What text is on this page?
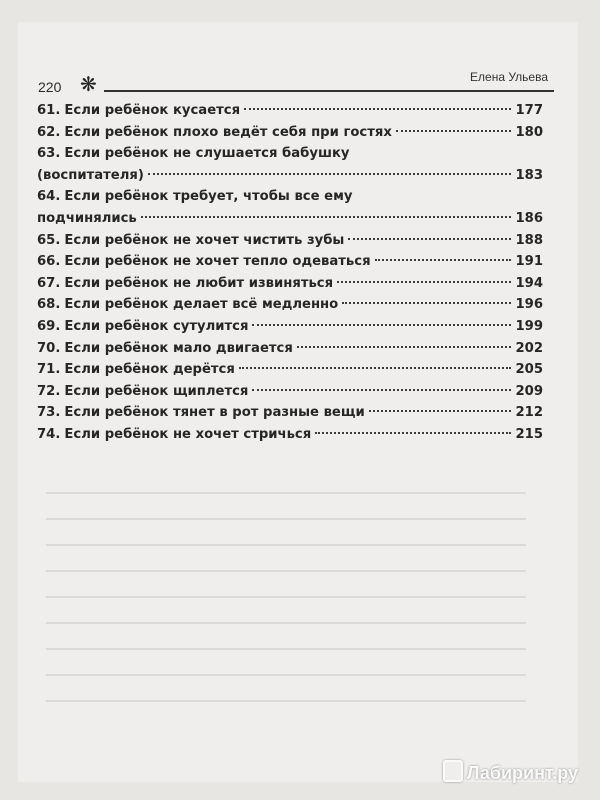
220 ❋	Елена Ульева
61. Если ребёнок кусается	177
62. Если ребёнок плохо ведёт себя при гостях	180
63. Если ребёнок не слушается бабушку
(воспитателя)	183
64. Если ребёнок требует, чтобы все ему
подчинялись	186
65. Если ребёнок не хочет чистить зубы	188
66. Если ребёнок не хочет тепло одеваться	191
67. Если ребёнок не любит извиняться	194
68. Если ребёнок делает всё медленно	196
69. Если ребёнок сутулится	199
70. Если ребёнок мало двигается	202
71. Если ребёнок дерётся	205
72. Если ребёнок щиплется	209
73. Если ребёнок тянет в рот разные вещи	212
74. Если ребёнок не хочет стричься	215
Лабиринт.ру
